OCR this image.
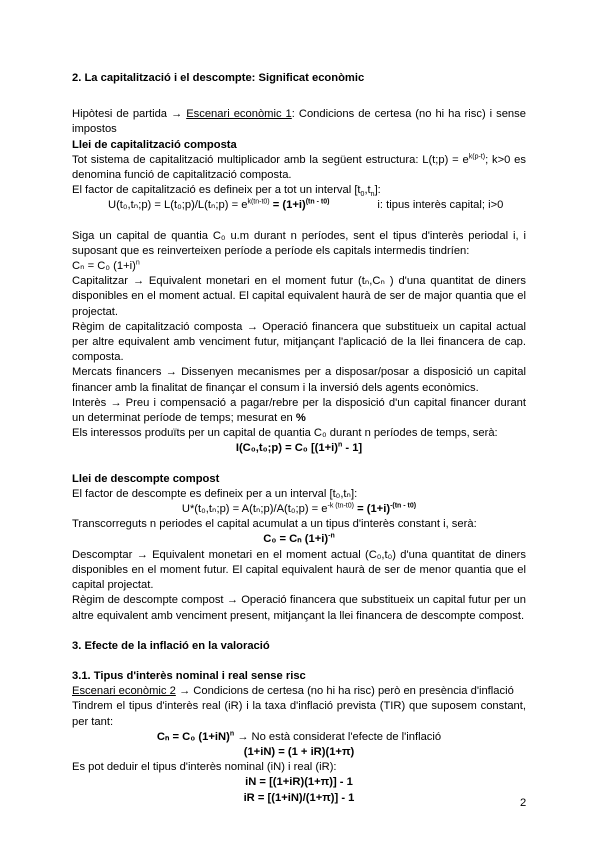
2. La capitalització i el descompte: Significat econòmic

Hipòtesi de partida → Escenari econòmic 1: Condicions de certesa (no hi ha risc) i sense impostos

Llei de capitalització composta

Tot sistema de capitalització multiplicador amb la següent estructura: L(t;p) = $e^{k(p-t)}$; k>0 es denomina funció de capitalització composta.

El factor de capitalització es defineix per a tot un interval $[t_0,t_n]$:

U(t₀,tₙ;p) = L(t₀;p)/L(tₙ;p) = $e^{k(tn-t0)} = (1+i)^{(tn - t0)}$	i: tipus interès capital; i>0

Siga un capital de quantia C₀ u.m durant n períodes, sent el tipus d'interès periodal i, i suposant que es reinverteixen període a període els capitals intermedis tindríen:

Cₙ = C₀ $(1+i)^n$

Capitalitzar → Equivalent monetari en el moment futur (tₙ,Cₙ ) d'una quantitat de diners disponibles en el moment actual. El capital equivalent haurà de ser de major quantia que el projectat.

Règim de capitalització composta → Operació financera que substitueix un capital actual per altre equivalent amb venciment futur, mitjançant l'aplicació de la llei financera de cap. composta.

Mercats financers → Dissenyen mecanismes per a disposar/posar a disposició un capital financer amb la finalitat de finançar el consum i la inversió dels agents econòmics.

Interès → Preu i compensació a pagar/rebre per la disposició d'un capital financer durant un determinat període de temps; mesurat en %

Els interessos produïts per un capital de quantia C₀ durant n períodes de temps, serà:

I(C₀,t₀;p) = C₀ $[(1+i)^n - 1]$

Llei de descompte compost

El factor de descompte es defineix per a un interval [t₀,tₙ]:

U*(t₀,tₙ;p) = A(tₙ;p)/A(t₀;p) = $e^{-k (tn-t0)} = (1+i)^{-(tn - t0)}$

Transcorreguts n periodes el capital acumulat a un tipus d'interès constant i, serà:

C₀ = Cₙ $(1+i)^{-n}$

Descomptar → Equivalent monetari en el moment actual (C₀,t₀) d'una quantitat de diners disponibles en el moment futur. El capital equivalent haurà de ser de menor quantia que el capital projectat.

Règim de descompte compost → Operació financera que substitueix un capital futur per un altre equivalent amb venciment present, mitjançant la llei financera de descompte compost.

3. Efecte de la inflació en la valoració

3.1. Tipus d'interès nominal i real sense risc

Escenari econòmic 2 → Condicions de certesa (no hi ha risc) però en presència d'inflació

Tindrem el tipus d'interès real (iR) i la taxa d'inflació prevista (TIR) que suposem constant, per tant:

Cₙ = C₀ $(1+iN)^n \to No$ està considerat l'efecte de l'inflació

(1+iN) = (1 + iR)(1+π)

Es pot deduir el tipus d'interès nominal (iN) i real (iR):

iN = [(1+iR)(1+π)] - 1

iR = [(1+iN)/(1+π)] - 1	2
